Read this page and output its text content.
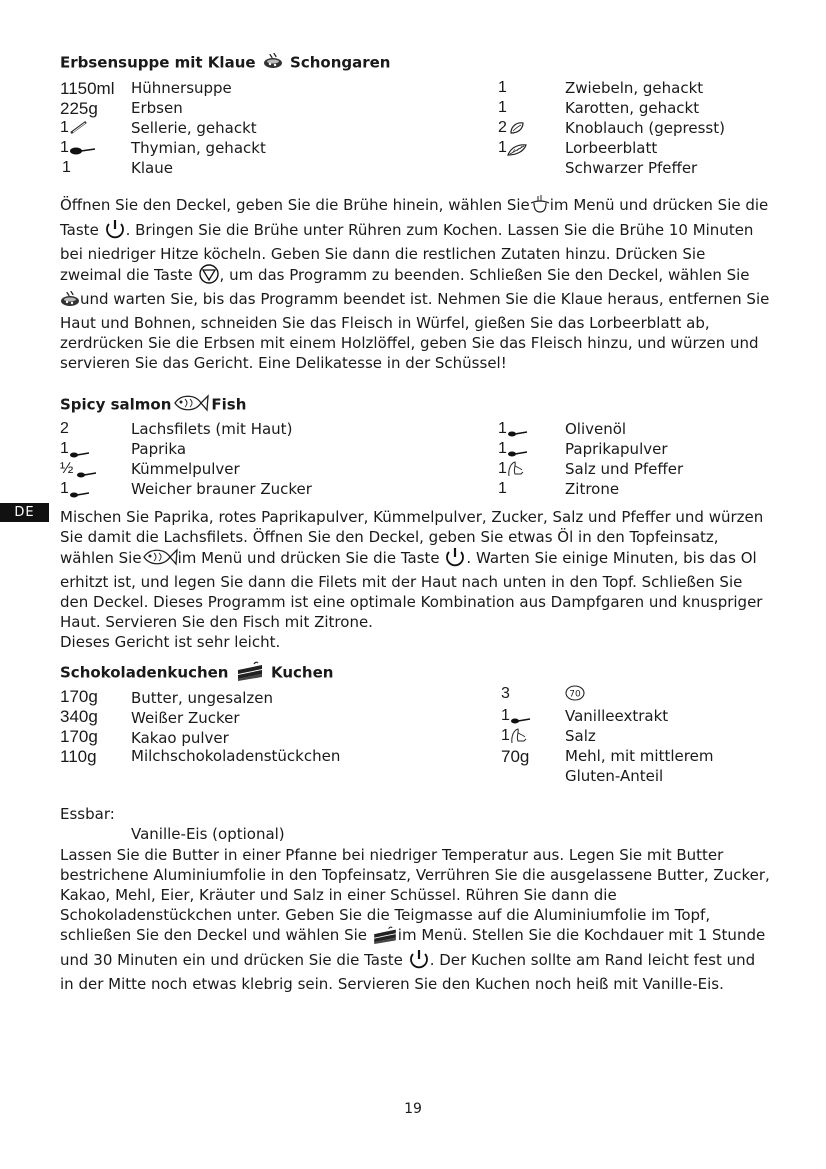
Erbsensuppe mit Klaue Schongaren
1150ml Hühnersuppe
225g Erbsen
1	Sellerie, gehackt
1	Thymian, gehackt
1	Klaue
1	Zwiebeln, gehackt
1	Karotten, gehackt
2	Knoblauch (gepresst)
1	Lorbeerblatt
Schwarzer Pfeffer
Öffnen Sie den Deckel, geben Sie die Brühe hinein, wählen Sie im Menü und drücken Sie die Taste . Bringen Sie die Brühe unter Rühren zum Kochen. Lassen Sie die Brühe 10 Minuten bei niedriger Hitze köcheln. Geben Sie dann die restlichen Zutaten hinzu. Drücken Sie zweimal die Taste , um das Programm zu beenden. Schließen Sie den Deckel, wählen Sie und warten Sie, bis das Programm beendet ist. Nehmen Sie die Klaue heraus, entfernen Sie Haut und Bohnen, schneiden Sie das Fleisch in Würfel, gießen Sie das Lorbeerblatt ab, zerdrücken Sie die Erbsen mit einem Holzlöffel, geben Sie das Fleisch hinzu, und würzen und servieren Sie das Gericht. Eine Delikatesse in der Schüssel!
Spicy salmon	Fish
2	Lachsfilets (mit Haut)
1	Paprika
½	Kümmelpulver
1	Weicher brauner Zucker
1	Olivenöl
1	Paprikapulver
1	Salz und Pfeffer
1	Zitrone
DE	Mischen Sie Paprika, rotes Paprikapulver, Kümmelpulver, Zucker, Salz und Pfeffer und würzen Sie damit die Lachsfilets. Öffnen Sie den Deckel, geben Sie etwas Öl in den Topfeinsatz, wählen Sie im Menü und drücken Sie die Taste . Warten Sie einige Minuten, bis das Ol erhitzt ist, und legen Sie dann die Filets mit der Haut nach unten in den Topf. Schließen Sie den Deckel. Dieses Programm ist eine optimale Kombination aus Dampfgaren und knuspriger Haut. Servieren Sie den Fisch mit Zitrone.
Dieses Gericht ist sehr leicht.
Schokoladenkuchen	Kuchen
170g Butter, ungesalzen
340g Weißer Zucker
170g Kakao pulver
110g Milchschokoladenstückchen
3	70
1	Vanilleextrakt
1	Salz
70g Mehl, mit mittlerem
Gluten-Anteil
Essbar:
Vanille-Eis (optional)
Lassen Sie die Butter in einer Pfanne bei niedriger Temperatur aus. Legen Sie mit Butter bestrichene Aluminiumfolie in den Topfeinsatz, Verrühren Sie die ausgelassene Butter, Zucker, Kakao, Mehl, Eier, Kräuter und Salz in einer Schüssel. Rühren Sie dann die Schokoladenstückchen unter. Geben Sie die Teigmasse auf die Aluminiumfolie im Topf, schließen Sie den Deckel und wählen Sie im Menü. Stellen Sie die Kochdauer mit 1 Stunde und 30 Minuten ein und drücken Sie die Taste . Der Kuchen sollte am Rand leicht fest und in der Mitte noch etwas klebrig sein. Servieren Sie den Kuchen noch heiß mit Vanille-Eis.
19
